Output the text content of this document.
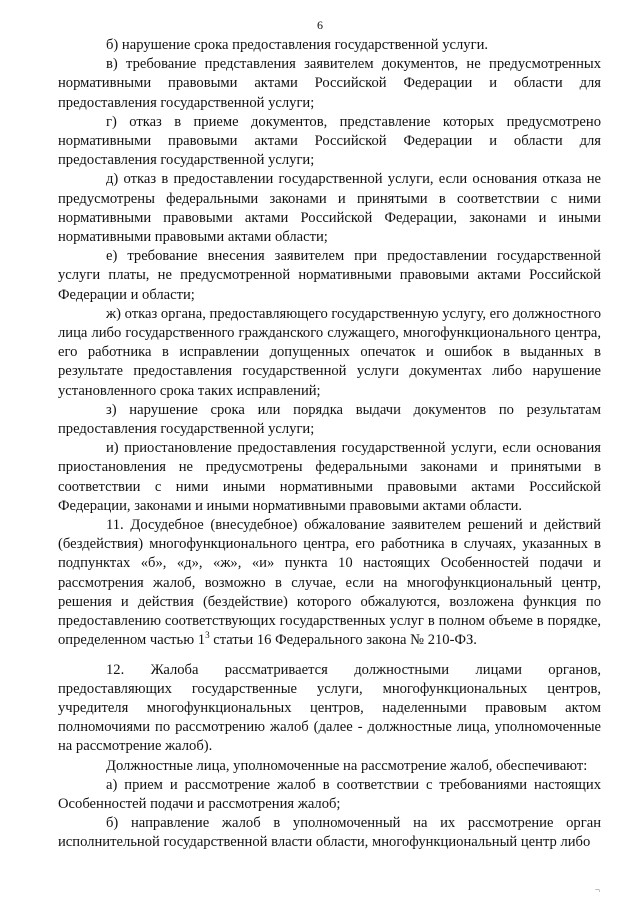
6

б) нарушение срока предоставления государственной услуги.

в) требование представления заявителем документов, не предусмотренных нормативными правовыми актами Российской Федерации и области для предоставления государственной услуги;

г) отказ в приеме документов, представление которых предусмотрено нормативными правовыми актами Российской Федерации и области для предоставления государственной услуги;

д) отказ в предоставлении государственной услуги, если основания отказа не предусмотрены федеральными законами и принятыми в соответствии с ними нормативными правовыми актами Российской Федерации, законами и иными нормативными правовыми актами области;

е) требование внесения заявителем при предоставлении государственной услуги платы, не предусмотренной нормативными правовыми актами Российской Федерации и области;

ж) отказ органа, предоставляющего государственную услугу, его должностного лица либо государственного гражданского служащего, многофункционального центра, его работника в исправлении допущенных опечаток и ошибок в выданных в результате предоставления государственной услуги документах либо нарушение установленного срока таких исправлений;

з) нарушение срока или порядка выдачи документов по результатам предоставления государственной услуги;

и) приостановление предоставления государственной услуги, если основания приостановления не предусмотрены федеральными законами и принятыми в соответствии с ними иными нормативными правовыми актами Российской Федерации, законами и иными нормативными правовыми актами области.

11. Досудебное (внесудебное) обжалование заявителем решений и действий (бездействия) многофункционального центра, его работника в случаях, указанных в подпунктах «б», «д», «ж», «и» пункта 10 настоящих Особенностей подачи и рассмотрения жалоб, возможно в случае, если на многофункциональный центр, решения и действия (бездействие) которого обжалуются, возложена функция по предоставлению соответствующих государственных услуг в полном объеме в порядке, определенном частью $1^3$ статьи 16 Федерального закона № 210-ФЗ.

12. Жалоба рассматривается должностными лицами органов, предоставляющих государственные услуги, многофункциональных центров, учредителя многофункциональных центров, наделенными правовым актом полномочиями по рассмотрению жалоб (далее - должностные лица, уполномоченные на рассмотрение жалоб).

Должностные лица, уполномоченные на рассмотрение жалоб, обеспечивают:

а) прием и рассмотрение жалоб в соответствии с требованиями настоящих Особенностей подачи и рассмотрения жалоб;

б) направление жалоб в уполномоченный на их рассмотрение орган исполнительной государственной власти области, многофункциональный центр либо

¬
